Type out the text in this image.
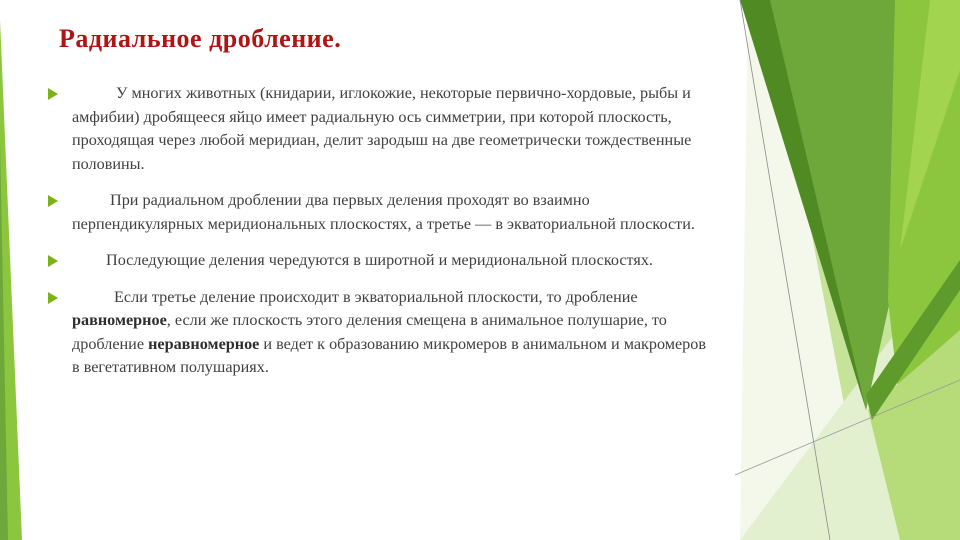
Радиальное дробление.
У многих животных (книдарии, иглокожие, некоторые первично-хордовые, рыбы и амфибии) дробящееся яйцо имеет радиальную ось симметрии, при которой плоскость, проходящая через любой меридиан, делит зародыш на две геометрически тождественные половины.
При радиальном дроблении два первых деления проходят во взаимно перпендикулярных меридиональных плоскостях, а третье — в экваториальной плоскости.
Последующие деления чередуются в широтной и меридиональной плоскостях.
Если третье деление происходит в экваториальной плоскости, то дробление равномерное, если же плоскость этого деления смещена в анимальное полушарие, то дробление неравномерное и ведет к образованию микромеров в анимальном и макромеров в вегетативном полушариях.
